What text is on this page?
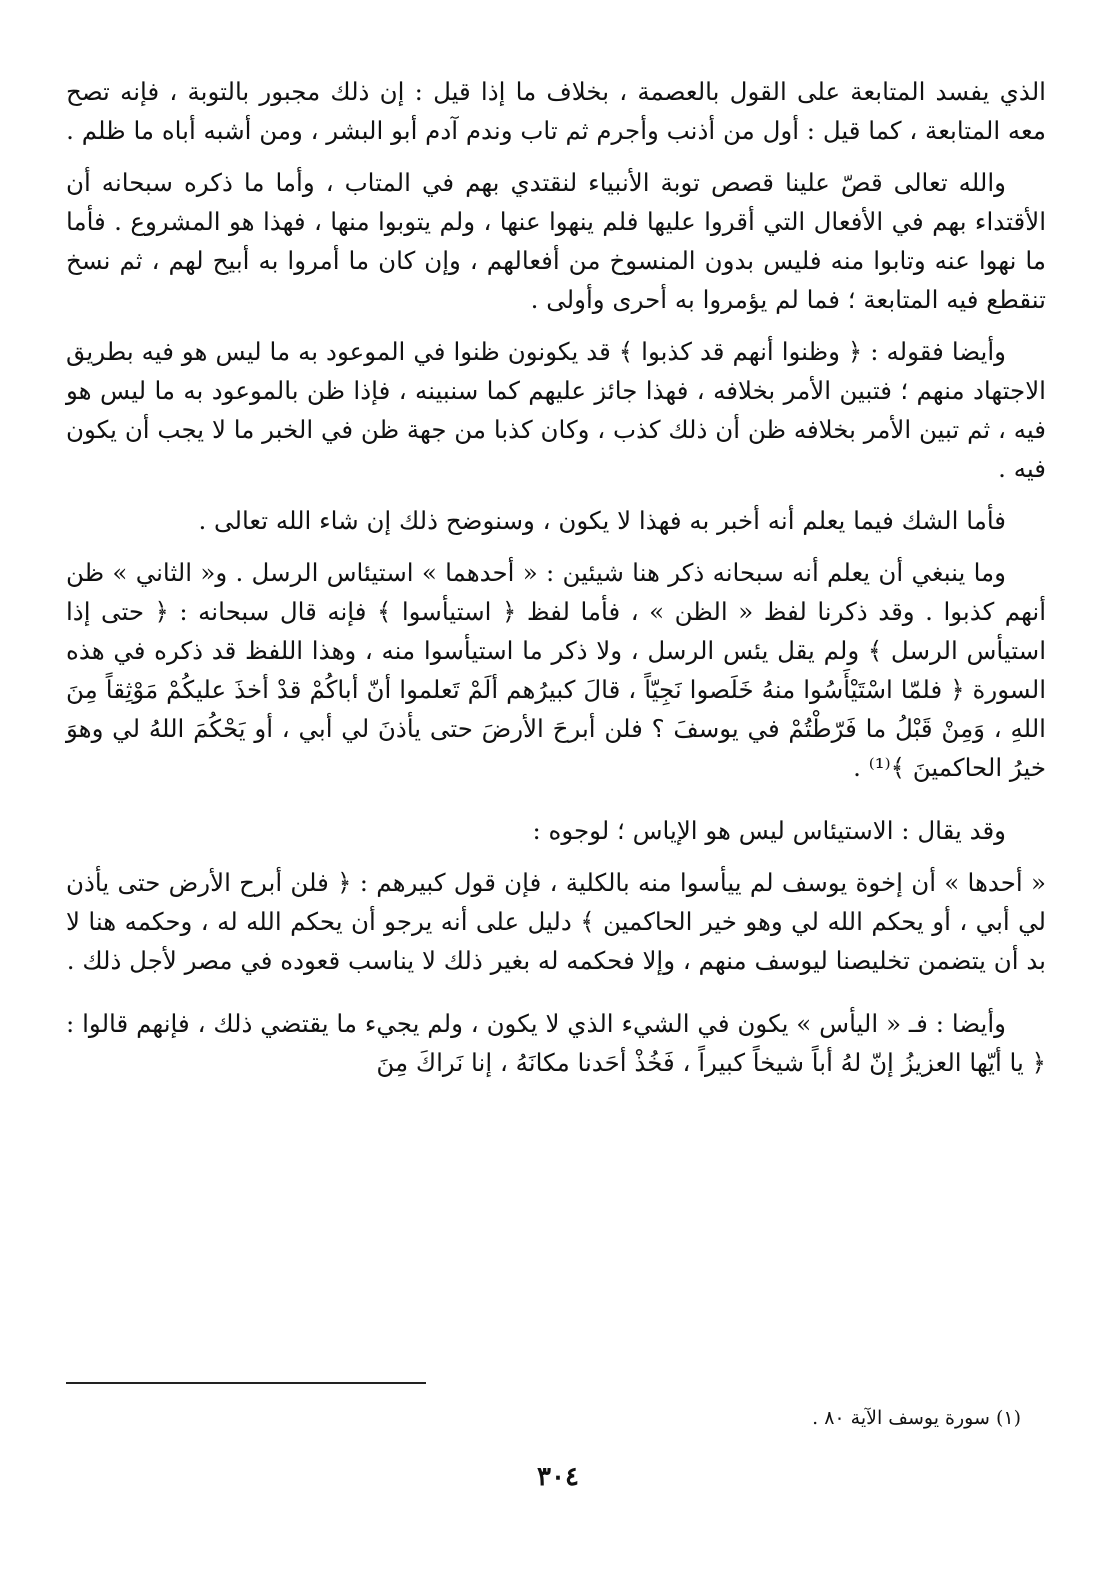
الذي يفسد المتابعة على القول بالعصمة ، بخلاف ما إذا قيل : إن ذلك مجبور بالتوبة ، فإنه تصح معه المتابعة ، كما قيل : أول من أذنب وأجرم ثم تاب وندم آدم أبو البشر ، ومن أشبه أباه ما ظلم .

والله تعالى قصّ علينا قصص توبة الأنبياء لنقتدي بهم في المتاب ، وأما ما ذكره سبحانه أن الأقتداء بهم في الأفعال التي أقروا عليها فلم ينهوا عنها ، ولم يتوبوا منها ، فهذا هو المشروع . فأما ما نهوا عنه وتابوا منه فليس بدون المنسوخ من أفعالهم ، وإن كان ما أمروا به أبيح لهم ، ثم نسخ تنقطع فيه المتابعة ؛ فما لم يؤمروا به أحرى وأولى .

وأيضا فقوله : ﴿ وظنوا أنهم قد كذبوا ﴾ قد يكونون ظنوا في الموعود به ما ليس هو فيه بطريق الاجتهاد منهم ؛ فتبين الأمر بخلافه ، فهذا جائز عليهم كما سنبينه ، فإذا ظن بالموعود به ما ليس هو فيه ، ثم تبين الأمر بخلافه ظن أن ذلك كذب ، وكان كذبا من جهة ظن في الخبر ما لا يجب أن يكون فيه .

فأما الشك فيما يعلم أنه أخبر به فهذا لا يكون ، وسنوضح ذلك إن شاء الله تعالى .

وما ينبغي أن يعلم أنه سبحانه ذكر هنا شيئين : « أحدهما » استيئاس الرسل . و« الثاني » ظن أنهم كذبوا . وقد ذكرنا لفظ « الظن » ، فأما لفظ ﴿ استيأسوا ﴾ فإنه قال سبحانه : ﴿ حتى إذا استيأس الرسل ﴾ ولم يقل يئس الرسل ، ولا ذكر ما استيأسوا منه ، وهذا اللفظ قد ذكره في هذه السورة ﴿ فلمّا اسْتَيْأَسُوا منهُ خَلَصوا نَجِيّاً ، قالَ كبيرُهم ألَمْ تَعلموا أنّ أباكُمْ قدْ أخذَ عليكُمْ مَوْثِقاً مِنَ اللهِ ، وَمِنْ قَبْلُ ما فَرّطْتُمْ في يوسفَ ؟ فلن أبرحَ الأرضَ حتى يأذنَ لي أبي ، أو يَحْكُمَ اللهُ لي وهوَ خيرُ الحاكمينَ ﴾⁽¹⁾ .

وقد يقال : الاستيئاس ليس هو الإياس ؛ لوجوه :

« أحدها » أن إخوة يوسف لم ييأسوا منه بالكلية ، فإن قول كبيرهم : ﴿ فلن أبرح الأرض حتى يأذن لي أبي ، أو يحكم الله لي وهو خير الحاكمين ﴾ دليل على أنه يرجو أن يحكم الله له ، وحكمه هنا لا بد أن يتضمن تخليصنا ليوسف منهم ، وإلا فحكمه له بغير ذلك لا يناسب قعوده في مصر لأجل ذلك .

وأيضا : فـ « اليأس » يكون في الشيء الذي لا يكون ، ولم يجيء ما يقتضي ذلك ، فإنهم قالوا : ﴿ يا أيّها العزيزُ إنّ لهُ أباً شيخاً كبيراً ، فَخُذْ أحَدنا مكانَهُ ، إنا نَراكَ مِنَ

(١) سورة يوسف الآية ٨٠ .
٣٠٤
